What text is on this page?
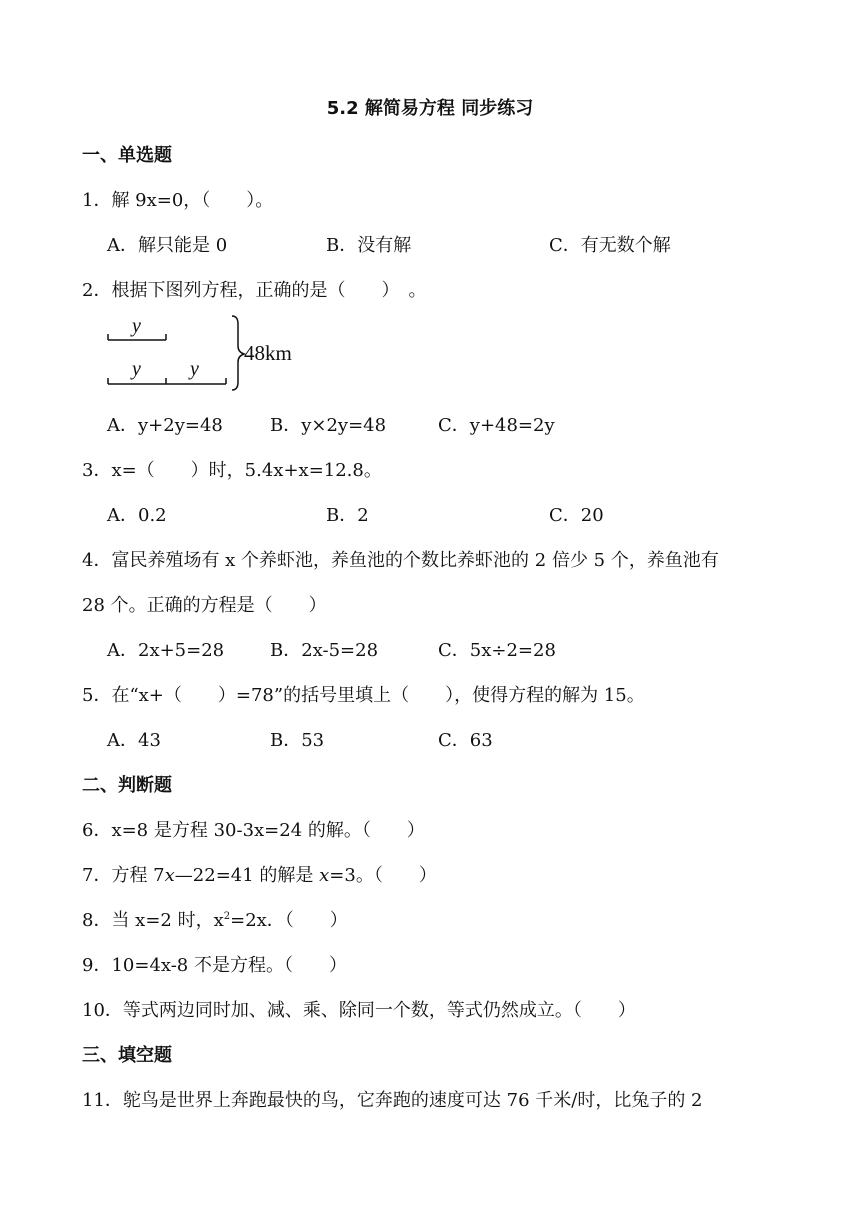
5.2 解简易方程 同步练习
一、单选题
1．解 9x=0，（　　）。
A．解只能是 0	B．没有解	C．有无数个解
2．根据下图列方程，正确的是（　　）　。
y
y y
48km
A．y+2y=48	B．y×2y=48	C．y+48=2y
3．x=（　　）时，5.4x+x=12.8。
A．0.2	B．2	C．20
4．富民养殖场有 x 个养虾池，养鱼池的个数比养虾池的 2 倍少 5 个，养鱼池有
28 个。正确的方程是（　　）
A．2x+5=28	B．2x-5=28	C．5x÷2=28
5．在“x+（　　）=78”的括号里填上（　　），使得方程的解为 15。
A．43	B．53	C．63
二、判断题
6．x=8 是方程 30-3x=24 的解。（　　）
7．方程 7x—22=41 的解是 x=3。（　　）
8．当 x=2 时，$x^2=2x$．（　　）
9．10=4x-8 不是方程。（　　）
10．等式两边同时加、减、乘、除同一个数，等式仍然成立。（　　）
三、填空题
11．鸵鸟是世界上奔跑最快的鸟，它奔跑的速度可达 76 千米/时，比兔子的 2
